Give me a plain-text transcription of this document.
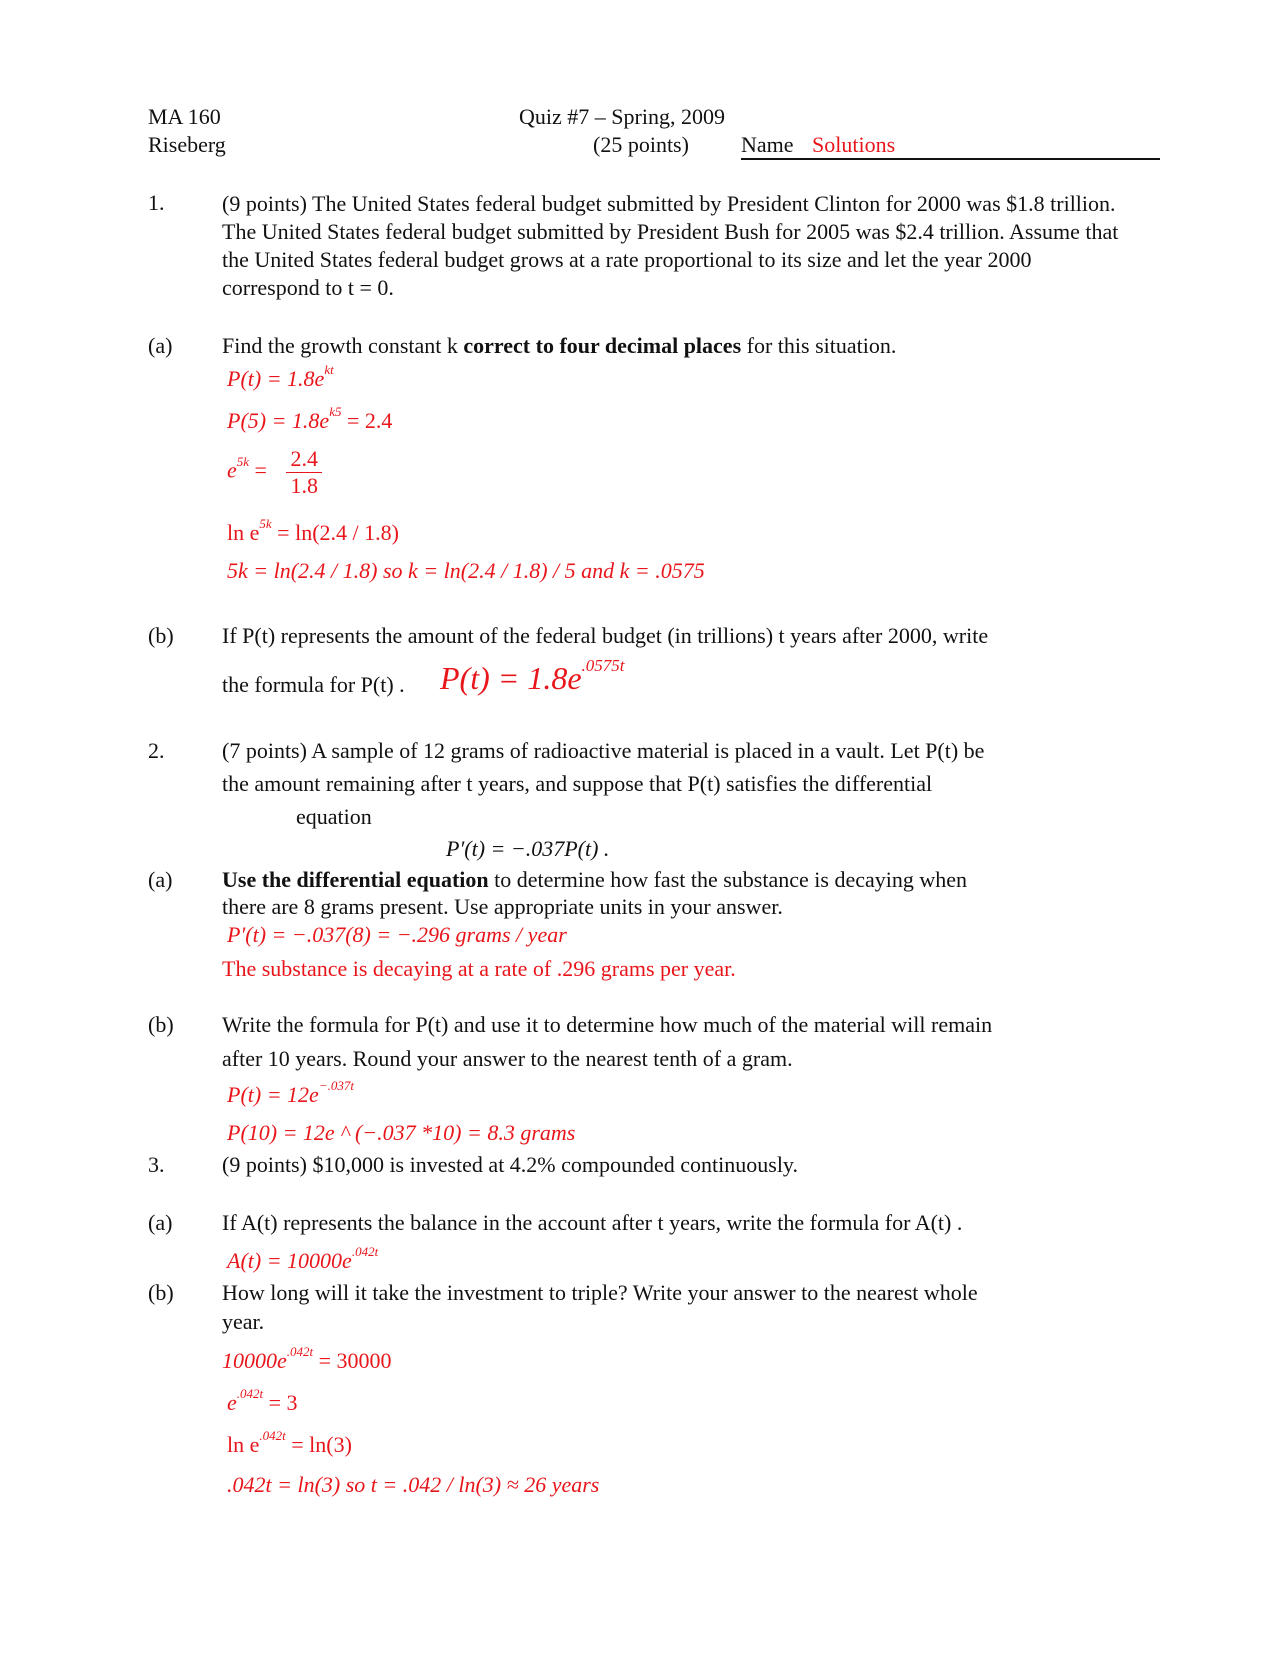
MA 160
Riseberg
Quiz #7 – Spring, 2009
(25 points) Name Solutions
1.	(9 points) The United States federal budget submitted by President Clinton for 2000 was $1.8 trillion. The United States federal budget submitted by President Bush for 2005 was $2.4 trillion. Assume that the United States federal budget grows at a rate proportional to its size and let the year 2000 correspond to t = 0.
(a) Find the growth constant k correct to four decimal places for this situation.
$P(t) = 1.8e^{kt}$
$P(5) = 1.8e^{k5} = 2.4$
$e^{5k} = \frac{2.4}{1.8}$
$\ln e^{5k} = \ln(2.4 / 1.8)$
5k = ln(2.4 / 1.8) so k = ln(2.4 / 1.8) / 5 and k = .0575
(b) If P(t) represents the amount of the federal budget (in trillions) t years after 2000, write
the formula for P(t) . $P(t) = 1.8e^{.0575t}$
2.	(7 points) A sample of 12 grams of radioactive material is placed in a vault. Let P(t) be
the amount remaining after t years, and suppose that P(t) satisfies the differential
equation
P′(t) = −.037P(t) .
(a) Use the differential equation to determine how fast the substance is decaying when
there are 8 grams present. Use appropriate units in your answer.
P′(t) = −.037(8) = −.296 grams / year
The substance is decaying at a rate of .296 grams per year.
(b) Write the formula for P(t) and use it to determine how much of the material will remain
after 10 years. Round your answer to the nearest tenth of a gram.
$P(t) = 12e^{-.037t}$
P(10) = 12e ^ (−.037 *10) = 8.3 grams
3.	(9 points) $10,000 is invested at 4.2% compounded continuously.
(a) If A(t) represents the balance in the account after t years, write the formula for A(t) .
$A(t) = 10000e^{.042t}$
(b) How long will it take the investment to triple? Write your answer to the nearest whole
year.
$10000e^{.042t} = 30000$
$e^{.042t} = 3$
$\ln e^{.042t} = \ln(3)$
.042t = ln(3) so t = .042 / ln(3) ≈ 26 years
